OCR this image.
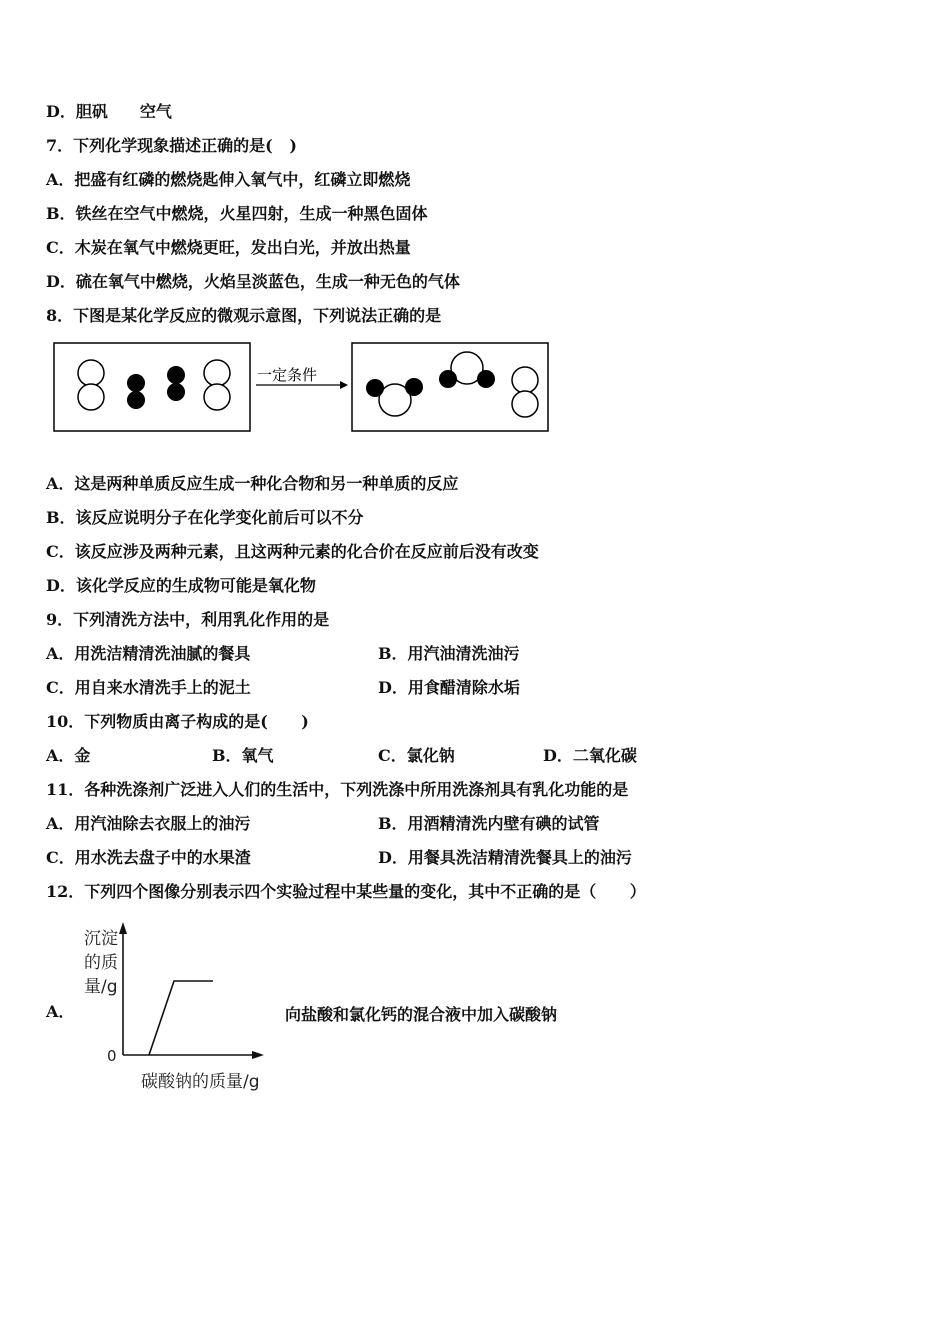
D．胆矾　　空气
7．下列化学现象描述正确的是(   )
A．把盛有红磷的燃烧匙伸入氧气中，红磷立即燃烧
B．铁丝在空气中燃烧，火星四射，生成一种黑色固体
C．木炭在氧气中燃烧更旺，发出白光，并放出热量
D．硫在氧气中燃烧，火焰呈淡蓝色，生成一种无色的气体
8．下图是某化学反应的微观示意图，下列说法正确的是
一定条件
A．这是两种单质反应生成一种化合物和另一种单质的反应
B．该反应说明分子在化学变化前后可以不分
C．该反应涉及两种元素，且这两种元素的化合价在反应前后没有改变
D．该化学反应的生成物可能是氧化物
9．下列清洗方法中，利用乳化作用的是
A．用洗洁精清洗油腻的餐具	B．用汽油清洗油污
C．用自来水清洗手上的泥土	D．用食醋清除水垢
10．下列物质由离子构成的是(      )
A．金	B．氧气	C．氯化钠	D．二氧化碳
11．各种洗涤剂广泛进入人们的生活中，下列洗涤中所用洗涤剂具有乳化功能的是
A．用汽油除去衣服上的油污	B．用酒精清洗内壁有碘的试管
C．用水洗去盘子中的水果渣	D．用餐具洗洁精清洗餐具上的油污
12．下列四个图像分别表示四个实验过程中某些量的变化，其中不正确的是（      ）
A．
沉淀
的质
量/g
0
碳酸钠的质量/g
向盐酸和氯化钙的混合液中加入碳酸钠
